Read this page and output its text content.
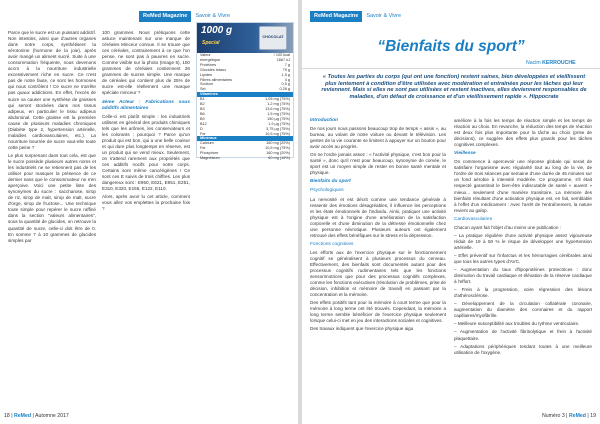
ReMed Magazine Savoir & Vivre

Parce que le sucre est un puissant addictif. Non intestins, ainsi que d'autres organes dans notre corps, synthétisent la sérotonine (hormone de la joie), après avoir mangé un aliment sucré. Suite à une consommation fréquente, nous devenons accro à la nourriture industrielle excessivement riche en sucre. Ce n'est pas de notre faute, ce sont les hormones qui nous contrôlent ! Ce sucre ne s'arrête pas quaux addictions. En effet, l'excès de sucre va causer une synthèse de graisses qui seront stockées dans nos tissus adipeux, en particulier le tissu adipeux abdominal. Cette graisse est la première cause de plusieurs maladies chroniques (Diabète type 2, hypertension artérielle, maladies cardiovasculaires, etc.). La nourriture bourrée de sucre vaut-elle toute cette peine ?

Le plus surprenant dans tout cela, est que le sucre possède plusieurs autres noms et les industriels ne se retiennent pas de les utiliser pour masquer la présence de ce dernier sans que le consommateur ne s'en aperçoive. Voici une petite liste des synonymes du sucre : saccharose, sirop de riz, sirop de malt, sirop de malt, sucre d'orge, sirop de fructose... Une technique toute simple pour repérer le sucre raffiné dans la section "valeurs alimentaires", sous la quantité de glucides, on retrouve la quantité de sucre, celle-ci doit être de 0. En somme 7 à 10 grammes de glucides simples par

100 grammes. Nous prétiquons cette astuce maintenant sur une marque de céréales Minceur connue. Il se trouve que ces céréales, contrairement à ce que l'on pense, ne sont pas à pauvres en sucre. Comme visible sur la photo (Image 5), 100 grammes de céréales contiennent 26 grammes de sucres simple. Une marque de céréales qui contient plus de 25% de sucre est-elle réellement une marque spéciale minceur ?

4ème Acteur : Fabrications sous additifs alimentaires

Celle-ci est plutôt simple : les industriels utilisent en général des produits chimiques tels que les arômes, les conservateurs et les colorants ; pourquoi ? Parce qu'un produit qui est bon, qui a une belle couleur et qui dure plus longtemps en réserve, est un produit qui se vend mieux. Seulement, on s'attend rarement aux propriétés que ces additifs nocifs pour notre corps. Certains sont même cancérigènes ! Ce sont ces E suivis de trois chiffres. Les plus dangereux sont : E950, E621, E951, E251, E310, E320, E155, E122, E110.

Alors, après avoir lu cet article, comment vous allez vos emplettes la prochaine fois ?

1000 g
Special
CHOCOLAT
Valeur	/ 100 kcal
énergétique	1667 kJ
Protéines	7 g
Glucides totaux	79 g
Lipides	1,5 g
Fibres alimentaires	4 g
Sodium	0,5 g
Sel	0,28 g
Vitamines	
B1	1,05 mg (75%)
B2	1,2 mg (75%)
B3	13,6 mg (75%)
B6	1,5 mg (75%)
B9	150 μg (75%)
B12	1,9 μg (75%)
D	3,75 μg (75%)
Fer	10,5 mg (75%)
Minéraux	
Calcium	160 mg (20%)
Fer	10,5 mg (75%)
Phosphore	160 mg (20%)
Magnésium	60 mg (16%)
18 | ReMed | Automne 2017
ReMed Magazine Savoir & Vivre
“Bienfaits du sport”
Nacim KERROUCHE
« Toutes les parties du corps (qui ont une fonction) restent saines, bien développées et vieillissent plus lentement à condition d'être utilisées avec modération et entraînées pour les tâches qui leur reviennent. Mais si elles ne sont pas utilisées et restent inactives, elles deviennent responsables de maladies, d'un défaut de croissance et d'un vieillissement rapide ». Hippocrate
Introduction

De nos jours nous passons beaucoup trop de temps « assis », au bureau, au volant de notre voiture ou devant le télévision. Les gestes de la vie courante se limitent à appuyer sur un bouton pour avoir accès au progrès.

On ne l'ordre jamais assez : « l'activité physique, c'est bon pour la santé », donc qu'il n'est pour beaucoup, synonyme de corvée, le sport est un moyen simple de rester en bonne santé mentale et physique.

Bienfaits du sport
Psychologiques

La nervosité et est décrit comme une tendance générale à ressentir des émotions désagréables, il influence les perceptions et les états émotionnels de l'individu. Ainsi, pratiquer une activité physique est à l'origine d'une amélioration de la satisfaction corporelle et d'une diminution de la détresse émotionnelle chez une personne névrotique. Plusieurs auteurs ont également retrouvé des effets bénéfiques sur le stress et la dépression.

Fonctions cognitives

Les efforts aux de l'exercice physique sur le fonctionnement cognitif se généralisent à plusieurs processus du cerveau. Effectivement, des bienfaits sont documentés autant pour des processus cognitifs rudimentaires tels que les fonctions sensorimotrices que pour des processus cognitifs complexes, comme les fonctions exécutives (résolution de problèmes, prise de décision, inhibition et mémoire de travail) en passant par la concentration et la mémoire.

Des effets positifs tant pour la mémoire à court terme que pour la mémoire à long terme ont été trouvés. Cependant, la mémoire a long terme semble bénéficier de l'exercice physique seulement lorsque celui-ci met en jeu des interactions sociales et cognitives.

Des travaux indiquent que l'exercice physique aigu

améliore à la fois les temps de réaction simple et les temps de réaction au choix. En revanche, la réduction des temps de réaction est deux fois plus importante pour la tâche au choix (prise de décisions), ce suggère des effets plus grands pour les tâches cognitives complexes.

Vieillesse

On commence à apercevoir une réponse globale qui serait de satisfaire l'organisme avec régularité tout au long de la vie, de l'ordre de trois séances par semaine d'une durée de 45 minutes sur un fond aérobie à intensité modérée. Ce programme, s'il était respecté garantirait le bien-être indiscutable de santé « auvent » mieux... seulement d'une manière transitoire. La mémoire des bienfaits résultant d'une activation physique est, en fait, semblable à l'effet d'un médicament : Avec l'arrêt de l'entraînement, la nature revient au galop.

Cardiovasculaires

Chacun ayant fait l'objet d'au moins une publication :

– La pratique régulière d'une activité physique assez vigoureuse réduit de 19 à 50 % le risque de développer une hypertension artérielle.

– Effet préventif sur l'infarctus et les hémorragies cérébrales ainsi que tous les autres types d'AVC.

– Augmentation du taux d'lipoprotéines protectrices : donc diminution du travail cardiaque et élévation de la réserve cardiaque à l'effort.

– Frein à la progression, voire régression des lésions d'athérosclérose.

– Développement de la circulation collatérale coronaire, augmentation du diamètre des coronaires et du rapport capillaires/myofibrille.

– Meilleure susceptibilité aux troubles du rythme ventriculaire.

– Augmentation de l'activité fibrinolytique et frein à l'activité plaquettaire.

– Adaptations périphériques tendant toutes à une meilleure utilisation de l'oxygène.

Numéro 3 | ReMed | 19
